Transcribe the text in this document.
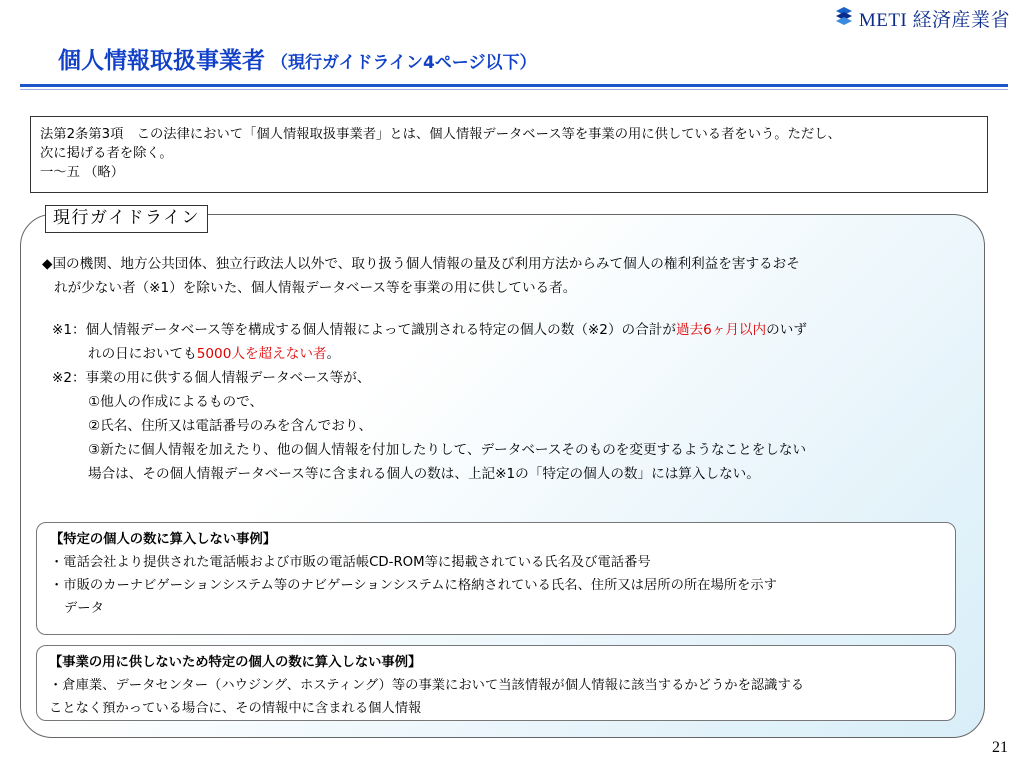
METI 経済産業省
個人情報取扱事業者 （現行ガイドライン4ページ以下）

法第2条第3項　この法律において「個人情報取扱事業者」とは、個人情報データベース等を事業の用に供している者をいう。ただし、

次に掲げる者を除く。

一～五 （略）

現行ガイドライン

◆国の機関、地方公共団体、独立行政法人以外で、取り扱う個人情報の量及び利用方法からみて個人の権利利益を害するおそ

れが少ない者（※1）を除いた、個人情報データベース等を事業の用に供している者。

※1：個人情報データベース等を構成する個人情報によって識別される特定の個人の数（※2）の合計が過去6ヶ月以内のいず

れの日においても5000人を超えない者。

※2：事業の用に供する個人情報データベース等が、

①他人の作成によるもので、

②氏名、住所又は電話番号のみを含んでおり、

③新たに個人情報を加えたり、他の個人情報を付加したりして、データベースそのものを変更するようなことをしない

場合は、その個人情報データベース等に含まれる個人の数は、上記※1の「特定の個人の数」には算入しない。

【特定の個人の数に算入しない事例】

・電話会社より提供された電話帳および市販の電話帳CD-ROM等に掲載されている氏名及び電話番号

・市販のカーナビゲーションシステム等のナビゲーションシステムに格納されている氏名、住所又は居所の所在場所を示す

データ

【事業の用に供しないため特定の個人の数に算入しない事例】

・倉庫業、データセンター（ハウジング、ホスティング）等の事業において当該情報が個人情報に該当するかどうかを認識する

ことなく預かっている場合に、その情報中に含まれる個人情報

21
